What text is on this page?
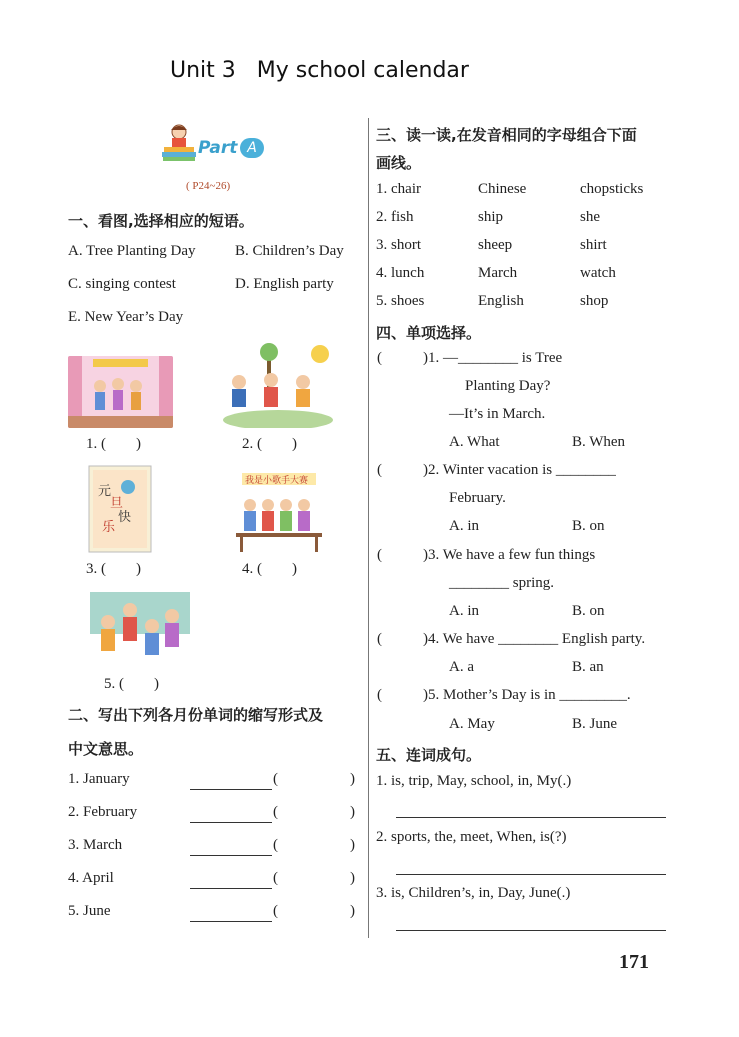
Unit 3   My school calendar
Part A
( P24~26)
一、看图,选择相应的短语。
A. Tree Planting Day	B. Children’s Day
C. singing contest	D. English party
E. New Year’s Day
1. (        )	2. (        )
元
旦
快
乐
3. (        )
我是小歌手大赛
4. (        )
5. (        )
二、写出下列各月份单词的缩写形式及
中文意思。
1. January	(	)
2. February	(	)
3. March	(	)
4. April	(	)
5. June	(	)
三、读一读,在发音相同的字母组合下面
画线。
1. chair	Chinese	chopsticks
2. fish	ship	she
3. short	sheep	shirt
4. lunch	March	watch
5. shoes	English	shop
四、单项选择。
(	)1. —________ is Tree
Planting Day?
—It’s in March.
A. What	B. When
(	)2. Winter vacation is ________
February.
A. in	B. on
(	)3. We have a few fun things
________ spring.
A. in	B. on
(	)4. We have ________ English party.
A. a	B. an
(	)5. Mother’s Day is in _________.
A. May	B. June
五、连词成句。
1. is, trip, May, school, in, My(.)
2. sports, the, meet, When, is(?)
3. is, Children’s, in, Day, June(.)
171
